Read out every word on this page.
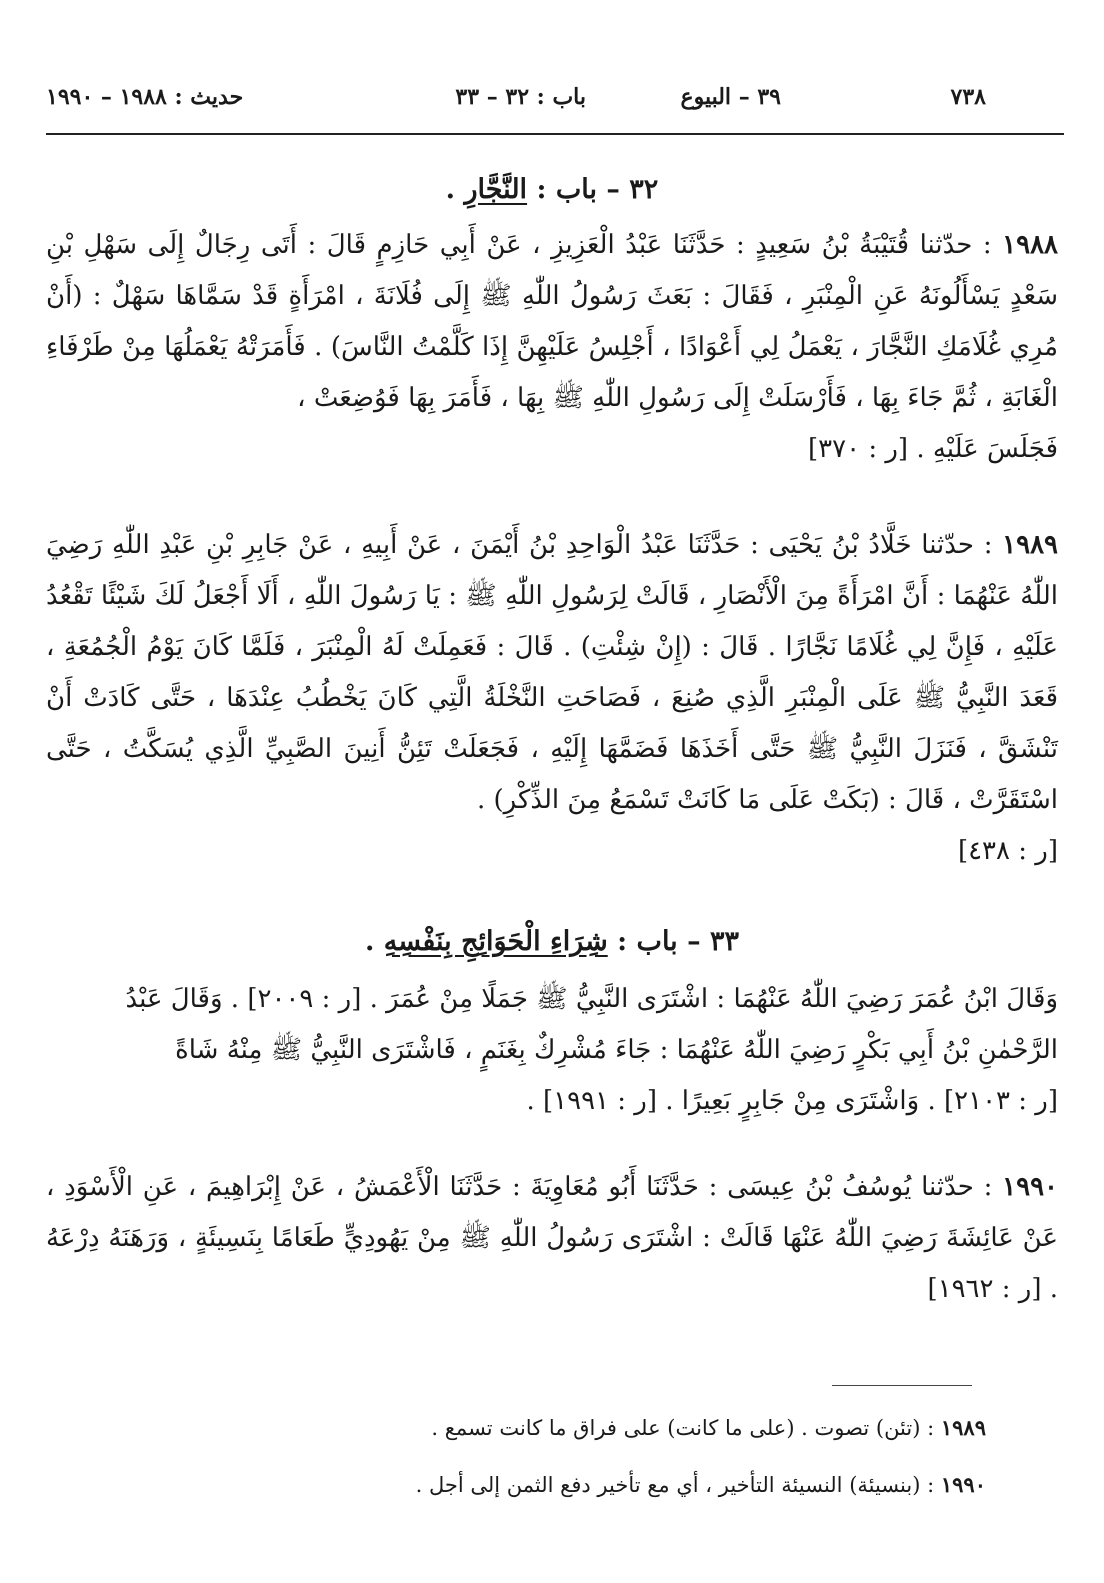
٧٣٨
٣٩ – البيوع
باب : ٣٢ – ٣٣
حديث : ١٩٨٨ – ١٩٩٠
٣٢ – باب : النَّجَّارِ .
١٩٨٨ : حدّثنا قُتَيْبَةُ بْنُ سَعِيدٍ : حَدَّثَنَا عَبْدُ الْعَزِيزِ ، عَنْ أَبِي حَازِمٍ قَالَ : أَتَى رِجَالٌ إِلَى سَهْلِ بْنِ سَعْدٍ يَسْأَلُونَهُ عَنِ الْمِنْبَرِ ، فَقَالَ : بَعَثَ رَسُولُ اللّٰهِ ﷺ إِلَى فُلَانَةَ ، امْرَأَةٍ قَدْ سَمَّاهَا سَهْلٌ : (أَنْ مُرِي غُلَامَكِ النَّجَّارَ ، يَعْمَلُ لِي أَعْوَادًا ، أَجْلِسُ عَلَيْهِنَّ إِذَا كَلَّمْتُ النَّاسَ) . فَأَمَرَتْهُ يَعْمَلُهَا مِنْ طَرْفَاءِ الْغَابَةِ ، ثُمَّ جَاءَ بِهَا ، فَأَرْسَلَتْ إِلَى رَسُولِ اللّٰهِ ﷺ بِهَا ، فَأَمَرَ بِهَا فَوُضِعَتْ ،
فَجَلَسَ عَلَيْهِ . [ر : ٣٧٠]
١٩٨٩ : حدّثنا خَلَّادُ بْنُ يَحْيَى : حَدَّثَنَا عَبْدُ الْوَاحِدِ بْنُ أَيْمَنَ ، عَنْ أَبِيهِ ، عَنْ جَابِرِ بْنِ عَبْدِ اللّٰهِ رَضِيَ اللّٰهُ عَنْهُمَا : أَنَّ امْرَأَةً مِنَ الْأَنْصَارِ ، قَالَتْ لِرَسُولِ اللّٰهِ ﷺ : يَا رَسُولَ اللّٰهِ ، أَلَا أَجْعَلُ لَكَ شَيْئًا تَقْعُدُ عَلَيْهِ ، فَإِنَّ لِي غُلَامًا نَجَّارًا . قَالَ : (إِنْ شِئْتِ) . قَالَ : فَعَمِلَتْ لَهُ الْمِنْبَرَ ، فَلَمَّا كَانَ يَوْمُ الْجُمُعَةِ ، قَعَدَ النَّبِيُّ ﷺ عَلَى الْمِنْبَرِ الَّذِي صُنِعَ ، فَصَاحَتِ النَّخْلَةُ الَّتِي كَانَ يَخْطُبُ عِنْدَهَا ، حَتَّى كَادَتْ أَنْ تَنْشَقَّ ، فَنَزَلَ النَّبِيُّ ﷺ حَتَّى أَخَذَهَا فَضَمَّهَا إِلَيْهِ ، فَجَعَلَتْ تَئِنُّ أَنِينَ الصَّبِيِّ الَّذِي يُسَكَّتُ ، حَتَّى اسْتَقَرَّتْ ، قَالَ : (بَكَتْ عَلَى مَا كَانَتْ تَسْمَعُ مِنَ الذِّكْرِ) .
[ر : ٤٣٨]
٣٣ – باب : شِرَاءِ الْحَوَائِجِ بِنَفْسِهِ .
وَقَالَ ابْنُ عُمَرَ رَضِيَ اللّٰهُ عَنْهُمَا : اشْتَرَى النَّبِيُّ ﷺ جَمَلًا مِنْ عُمَرَ . [ر : ٢٠٠٩] . وَقَالَ عَبْدُ الرَّحْمٰنِ بْنُ أَبِي بَكْرٍ رَضِيَ اللّٰهُ عَنْهُمَا : جَاءَ مُشْرِكٌ بِغَنَمٍ ، فَاشْتَرَى النَّبِيُّ ﷺ مِنْهُ شَاةً [ر : ٢١٠٣] . وَاشْتَرَى مِنْ جَابِرٍ بَعِيرًا . [ر : ١٩٩١] .
١٩٩٠ : حدّثنا يُوسُفُ بْنُ عِيسَى : حَدَّثَنَا أَبُو مُعَاوِيَةَ : حَدَّثَنَا الْأَعْمَشُ ، عَنْ إِبْرَاهِيمَ ، عَنِ الْأَسْوَدِ ، عَنْ عَائِشَةَ رَضِيَ اللّٰهُ عَنْهَا قَالَتْ : اشْتَرَى رَسُولُ اللّٰهِ ﷺ مِنْ يَهُودِيٍّ طَعَامًا بِنَسِيئَةٍ ، وَرَهَنَهُ دِرْعَهُ . [ر : ١٩٦٢]
١٩٨٩ : (تئن) تصوت . (على ما كانت) على فراق ما كانت تسمع .
١٩٩٠ : (بنسيئة) النسيئة التأخير ، أي مع تأخير دفع الثمن إلى أجل .
